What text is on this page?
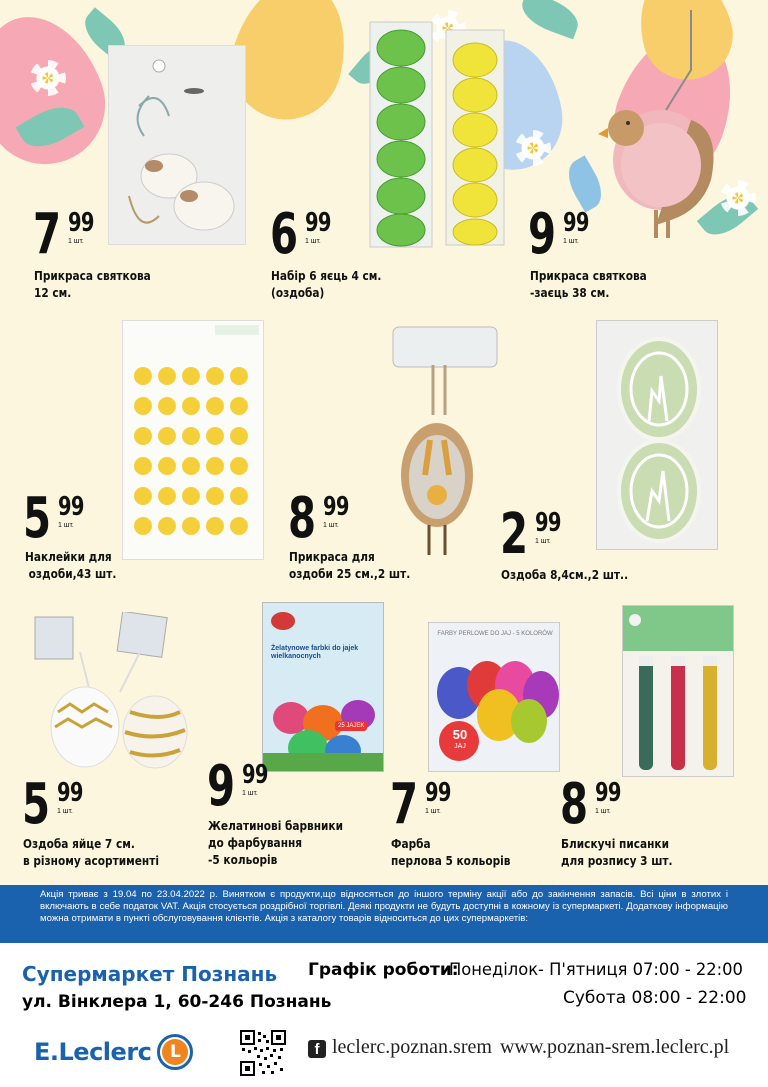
Żelatynowe farbki do jajek wielkanocnych
25 JAJEK
FARBY PERLOWE DO JAJ - 5 KOLORÓW
50
JAJ
7 99
1 шт.
Прикраса святкова
12 см.
6 99
1 шт.
Набір 6 яєць 4 см.
(оздоба)
9 99
1 шт.
Прикраса святкова
-заєць 38 см.
5 99
1 шт.
Наклейки для
оздоби,43 шт.
8 99
1 шт.
Прикраса для
оздоби 25 см.,2 шт.
2 99
1 шт.
Оздоба 8,4см.,2 шт..
5 99
1 шт.
Оздоба яйце 7 см.
в різному асортименті
9 99
1 шт.
Желатинові барвники
до фарбування
-5 кольорів
7 99
1 шт.
Фарба
перлова 5 кольорів
8 99
1 шт.
Блискучі писанки
для розпису 3 шт.
Акція триває з 19.04 по 23.04.2022 р. Винятком є продукти,що відносяться до іншого терміну акції або до закінчення запасів. Всі ціни в злотих і включають в себе податок VAT. Акція стосується роздрібної торгівлі. Деякі продукти не будуть доступні в кожному із супермаркеті. Додаткову інформацію можна отримати в пункті обслуговування клієнтів. Акція з каталогу товарів відноситься до цих супермаркетів:
Супермаркет Познань
ул. Вінклера 1, 60-246 Познань
Графік роботи:
Понеділок- П'ятниця 07:00 - 22:00
Субота 08:00 - 22:00
E.Leclerc	L	f leclerc.poznan.srem www.poznan-srem.leclerc.pl
